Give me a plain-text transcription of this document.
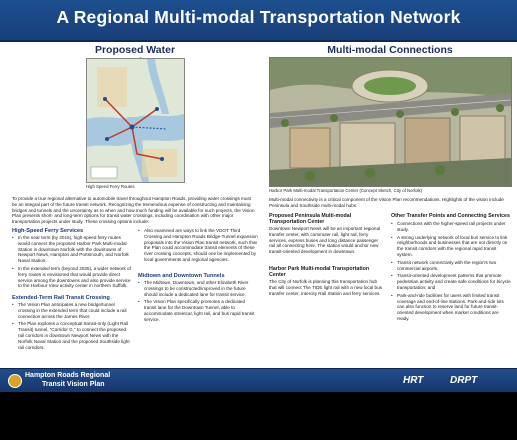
A Regional Multi-modal Transportation Network
Proposed Water
High Speed Ferry Routes
To provide a true regional alternative to automobile travel throughout Hampton Roads, providing water crossings must be an integral part of the future transit network. Recognizing the tremendous expense of constructing and maintaining bridges and tunnels and the uncertainty as to when and how much funding will be available for such projects, the Vision Plan presents short- and long-term options for transit water crossings, including coordination with other major transportation projects under study. These crossing options include:
High-Speed Ferry Services
• In the near term (by 2015), high-speed ferry routes would connect the proposed Harbor Park Multi-modal Station in downtown Norfolk with the downtowns of Newport News, Hampton and Portsmouth, and Norfolk Naval Station.
• In the extended term (beyond 2035), a wider network of ferry routes is envisioned that would provide direct service among the downtowns and also provide service to the Harbour View activity center in northern Suffolk.
Extended-Term Rail Transit Crossing
• The Vision Plan anticipates a new bridge/tunnel crossing in the extended term that could include a rail connection across the James River.
• The Plan explores a conceptual transit-only (Light Rail Transit) tunnel, “Corridor G,” to connect the proposed rail corridors in downtown Newport News with the Norfolk Naval Station and the proposed Southside light rail corridors.
• Also examined are ways to link the VDOT Third Crossing and Hampton Roads Bridge-Tunnel expansion proposals into the Vision Plan transit network, such that the Plan could accommodate transit elements of these river crossing concepts, should one be implemented by local governments and regional agencies.
Midtown and Downtown Tunnels
• The Midtown, Downtown, and other Elizabeth River crossings to be constructed/improved in the future should include a dedicated lane for transit service.
• The Vision Plan specifically promotes a dedicated transit lane for the Downtown Tunnel, able to accommodate streetcar, light rail, and bus rapid transit service.
Multi-modal Connections
Harbor Park Multi-modal Transportation Center (Concept Sketch, City of Norfolk)
Multi-modal connectivity is a critical component of the Vision Plan recommendations. Highlights of the vision include Peninsula and Southside multi-modal hubs.
Proposed Peninsula Multi-modal Transportation Center
Downtown Newport News will be an important regional transfer center, with commuter rail, light rail, ferry services, express buses and long distance passenger rail all connecting here. The station would anchor new transit-oriented development in downtown.
Harbor Park Multi-modal Transportation Center
The City of Norfolk is planning this transportation hub that will connect The TIDE light rail with a new local bus transfer center, Intercity Rail Station and ferry services.
Other Transfer Points and Connecting Services
• Connections with the higher-speed rail projects under study.
• A strong underlying network of local bus service to link neighborhoods and businesses that are not directly on the transit corridors with the regional rapid transit system.
• Transit network connectivity with the region's two commercial airports.
• Transit-oriented development patterns that promote pedestrian activity and create safe conditions for bicycle transportation; and
• Park-and-ride facilities for users with limited transit coverage and end-of-line stations. Park-and-ride lots can also function to reserve land for future transit-oriented development when market conditions are ready.
Hampton Roads Regional
Transit Vision Plan	HRT	DRPT
